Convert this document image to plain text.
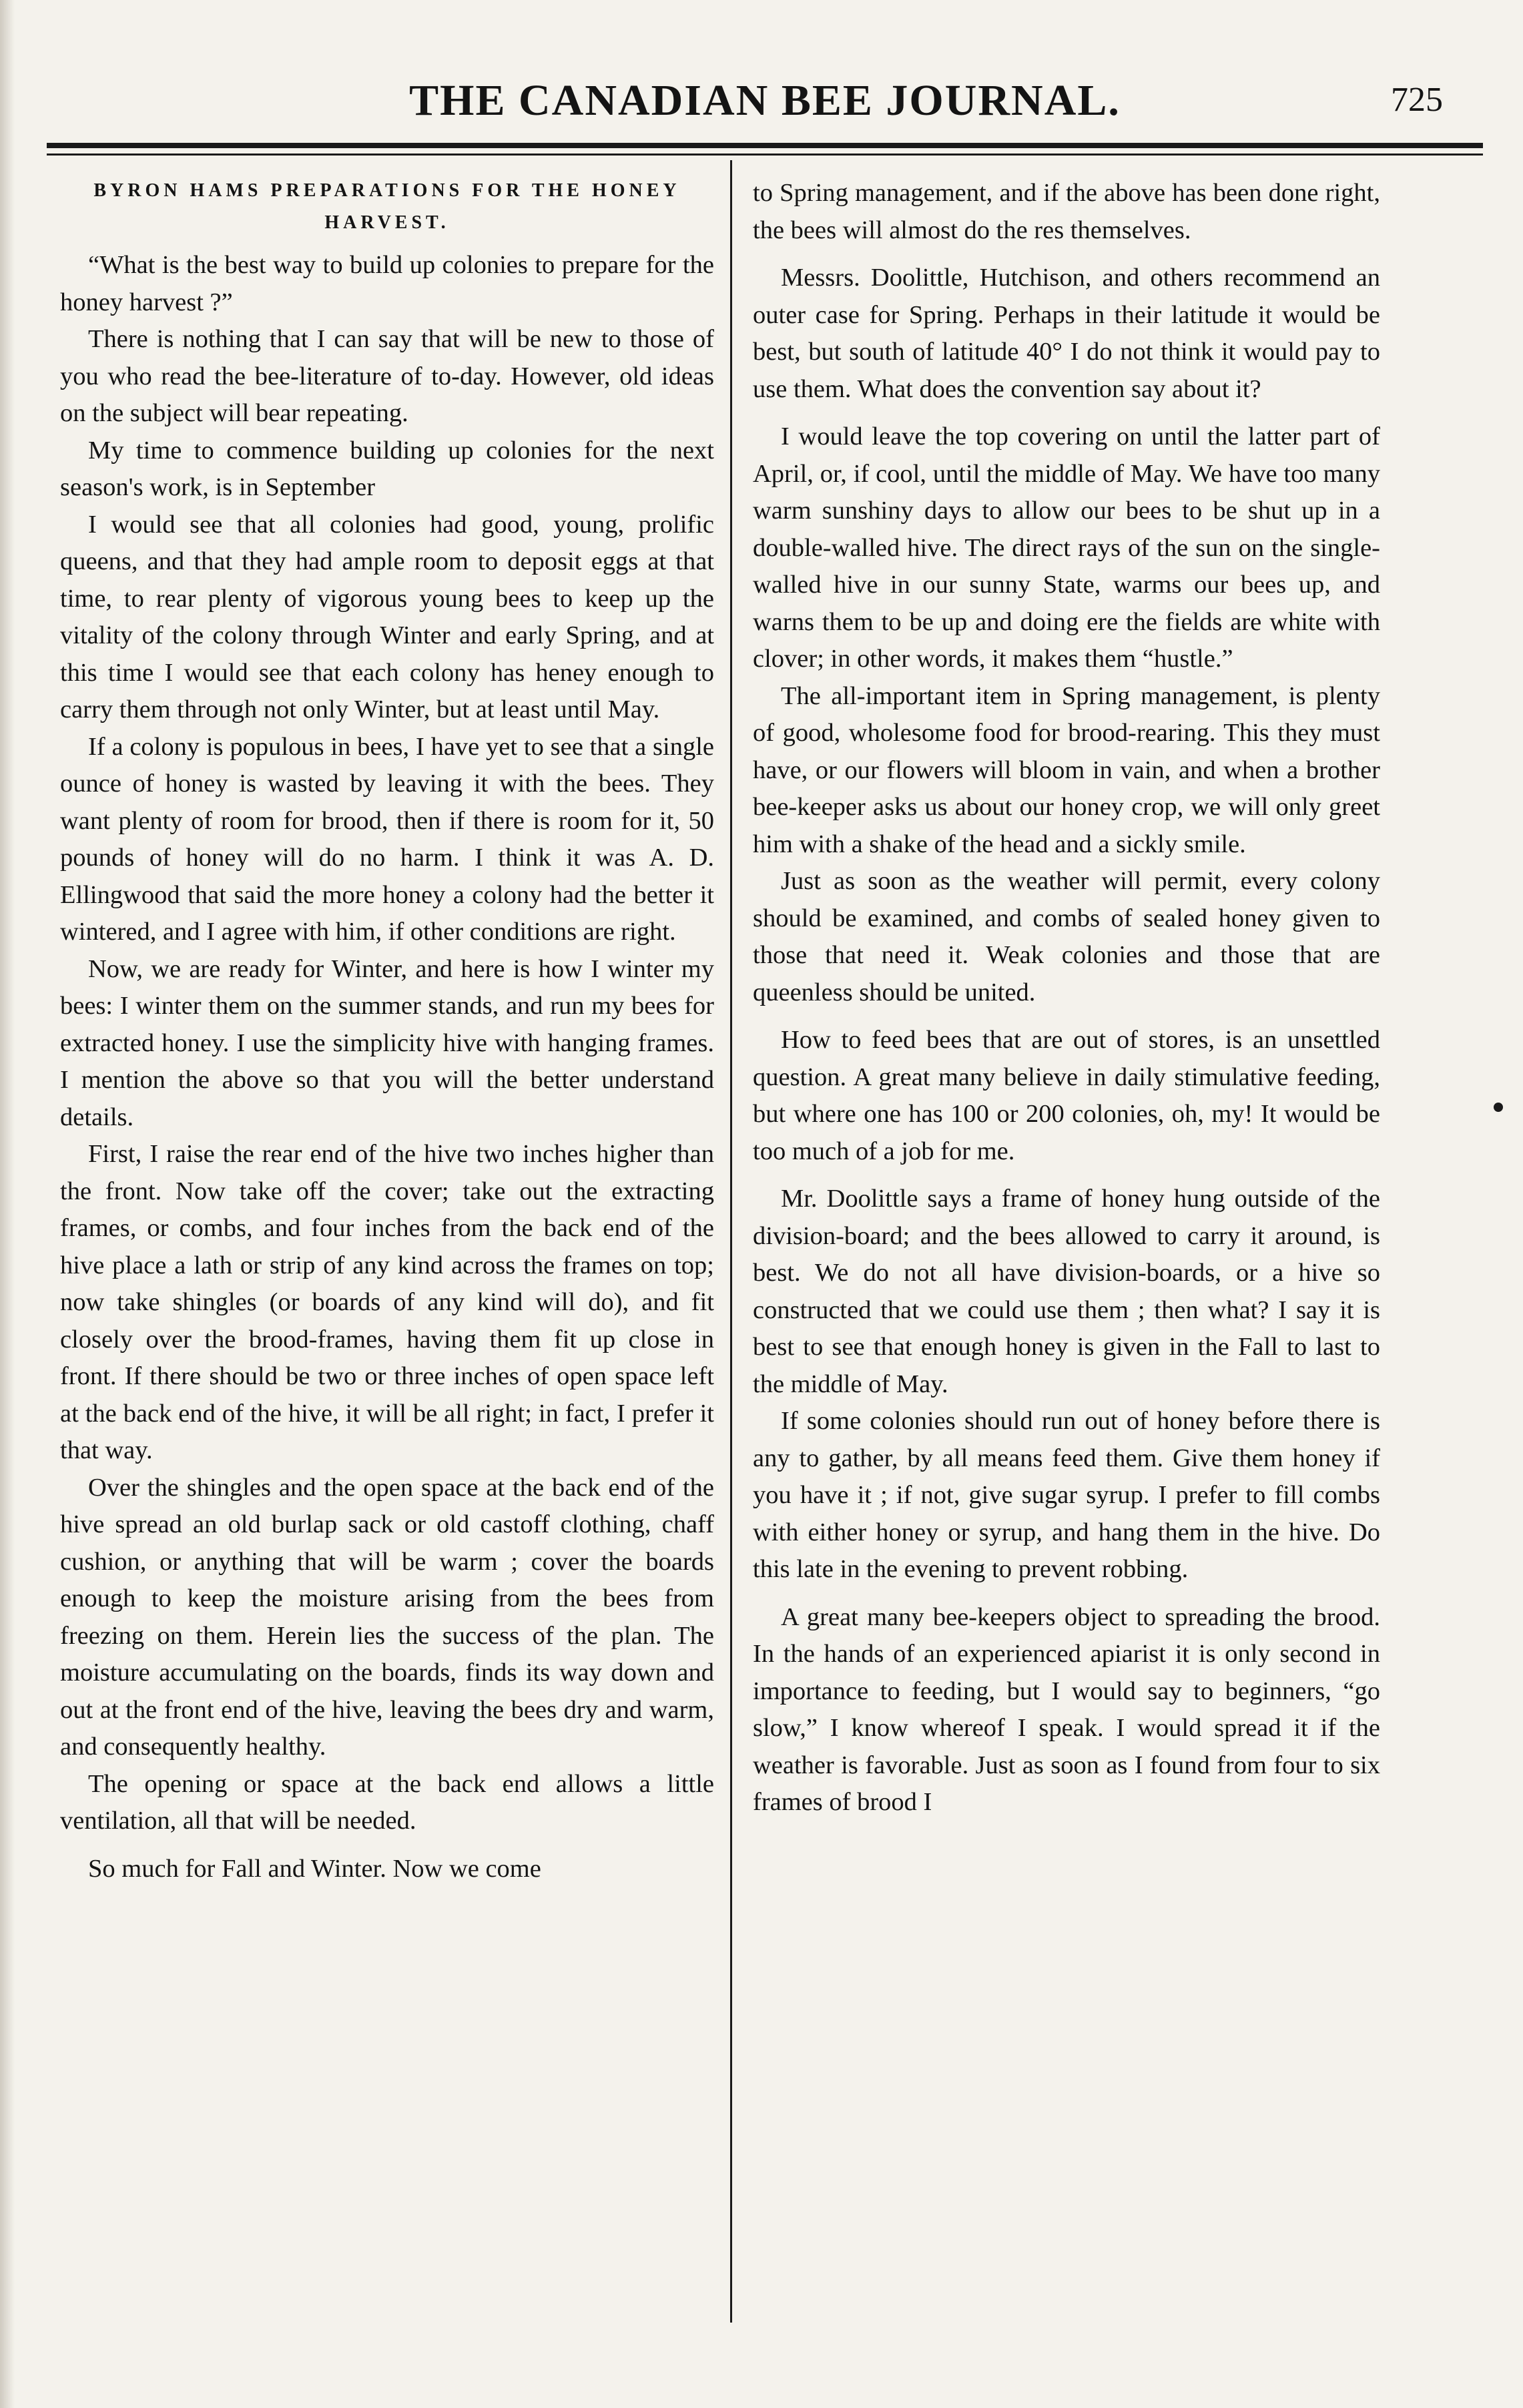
THE CANADIAN BEE JOURNAL.	725
BYRON HAMS PREPARATIONS FOR THE HONEY HARVEST.

“What is the best way to build up colonies to prepare for the honey harvest ?”

There is nothing that I can say that will be new to those of you who read the bee-literature of to-day. However, old ideas on the subject will bear repeating.

My time to commence building up colonies for the next season's work, is in September

I would see that all colonies had good, young, prolific queens, and that they had ample room to deposit eggs at that time, to rear plenty of vigorous young bees to keep up the vitality of the colony through Winter and early Spring, and at this time I would see that each colony has heney enough to carry them through not only Winter, but at least until May.

If a colony is populous in bees, I have yet to see that a single ounce of honey is wasted by leaving it with the bees. They want plenty of room for brood, then if there is room for it, 50 pounds of honey will do no harm. I think it was A. D. Ellingwood that said the more honey a colony had the better it wintered, and I agree with him, if other conditions are right.

Now, we are ready for Winter, and here is how I winter my bees: I winter them on the summer stands, and run my bees for extracted honey. I use the simplicity hive with hanging frames. I mention the above so that you will the better understand details.

First, I raise the rear end of the hive two inches higher than the front. Now take off the cover; take out the extracting frames, or combs, and four inches from the back end of the hive place a lath or strip of any kind across the frames on top; now take shingles (or boards of any kind will do), and fit closely over the brood-frames, having them fit up close in front. If there should be two or three inches of open space left at the back end of the hive, it will be all right; in fact, I prefer it that way.

Over the shingles and the open space at the back end of the hive spread an old burlap sack or old castoff clothing, chaff cushion, or anything that will be warm ; cover the boards enough to keep the moisture arising from the bees from freezing on them. Herein lies the success of the plan. The moisture accumulating on the boards, finds its way down and out at the front end of the hive, leaving the bees dry and warm, and consequently healthy.

The opening or space at the back end allows a little ventilation, all that will be needed.

So much for Fall and Winter. Now we come

to Spring management, and if the above has been done right, the bees will almost do the res themselves.

Messrs. Doolittle, Hutchison, and others recommend an outer case for Spring. Perhaps in their latitude it would be best, but south of latitude 40° I do not think it would pay to use them. What does the convention say about it?

I would leave the top covering on until the latter part of April, or, if cool, until the middle of May. We have too many warm sunshiny days to allow our bees to be shut up in a double-walled hive. The direct rays of the sun on the single-walled hive in our sunny State, warms our bees up, and warns them to be up and doing ere the fields are white with clover; in other words, it makes them “hustle.”

The all-important item in Spring management, is plenty of good, wholesome food for brood-rearing. This they must have, or our flowers will bloom in vain, and when a brother bee-keeper asks us about our honey crop, we will only greet him with a shake of the head and a sickly smile.

Just as soon as the weather will permit, every colony should be examined, and combs of sealed honey given to those that need it. Weak colonies and those that are queenless should be united.

How to feed bees that are out of stores, is an unsettled question. A great many believe in daily stimulative feeding, but where one has 100 or 200 colonies, oh, my! It would be too much of a job for me.

Mr. Doolittle says a frame of honey hung outside of the division-board; and the bees allowed to carry it around, is best. We do not all have division-boards, or a hive so constructed that we could use them ; then what? I say it is best to see that enough honey is given in the Fall to last to the middle of May.

If some colonies should run out of honey before there is any to gather, by all means feed them. Give them honey if you have it ; if not, give sugar syrup. I prefer to fill combs with either honey or syrup, and hang them in the hive. Do this late in the evening to prevent robbing.

A great many bee-keepers object to spreading the brood. In the hands of an experienced apiarist it is only second in importance to feeding, but I would say to beginners, “go slow,” I know whereof I speak. I would spread it if the weather is favorable. Just as soon as I found from four to six frames of brood I
